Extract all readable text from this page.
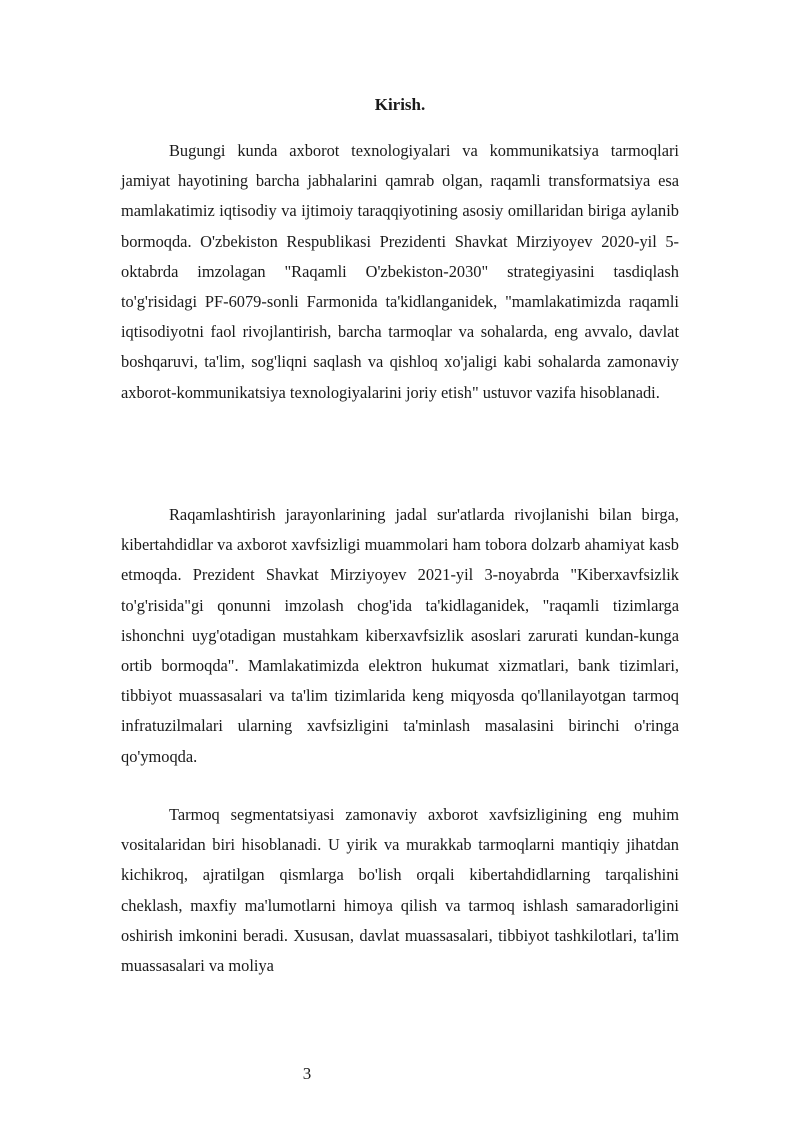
Kirish.

Bugungi kunda axborot texnologiyalari va kommunikatsiya tarmoqlari jamiyat hayotining barcha jabhalarini qamrab olgan, raqamli transformatsiya esa mamlakatimiz iqtisodiy va ijtimoiy taraqqiyotining asosiy omillaridan biriga aylanib bormoqda. O'zbekiston Respublikasi Prezidenti Shavkat Mirziyoyev 2020-yil 5-oktabrda imzolagan "Raqamli O'zbekiston-2030" strategiyasini tasdiqlash to'g'risidagi PF-6079-sonli Farmonida ta'kidlanganidek, "mamlakatimizda raqamli iqtisodiyotni faol rivojlantirish, barcha tarmoqlar va sohalarda, eng avvalo, davlat boshqaruvi, ta'lim, sog'liqni saqlash va qishloq xo'jaligi kabi sohalarda zamonaviy axborot-kommunikatsiya texnologiyalarini joriy etish" ustuvor vazifa hisoblanadi.

Raqamlashtirish jarayonlarining jadal sur'atlarda rivojlanishi bilan birga, kibertahdidlar va axborot xavfsizligi muammolari ham tobora dolzarb ahamiyat kasb etmoqda. Prezident Shavkat Mirziyoyev 2021-yil 3-noyabrda "Kiberxavfsizlik to'g'risida"gi qonunni imzolash chog'ida ta'kidlaganidek, "raqamli tizimlarga ishonchni uyg'otadigan mustahkam kiberxavfsizlik asoslari zarurati kundan-kunga ortib bormoqda". Mamlakatimizda elektron hukumat xizmatlari, bank tizimlari, tibbiyot muassasalari va ta'lim tizimlarida keng miqyosda qo'llanilayotgan tarmoq infratuzilmalari ularning xavfsizligini ta'minlash masalasini birinchi o'ringa qo'ymoqda.

Tarmoq segmentatsiyasi zamonaviy axborot xavfsizligining eng muhim vositalaridan biri hisoblanadi. U yirik va murakkab tarmoqlarni mantiqiy jihatdan kichikroq, ajratilgan qismlarga bo'lish orqali kibertahdidlarning tarqalishini cheklash, maxfiy ma'lumotlarni himoya qilish va tarmoq ishlash samaradorligini oshirish imkonini beradi. Xususan, davlat muassasalari, tibbiyot tashkilotlari, ta'lim muassasalari va moliya

3
